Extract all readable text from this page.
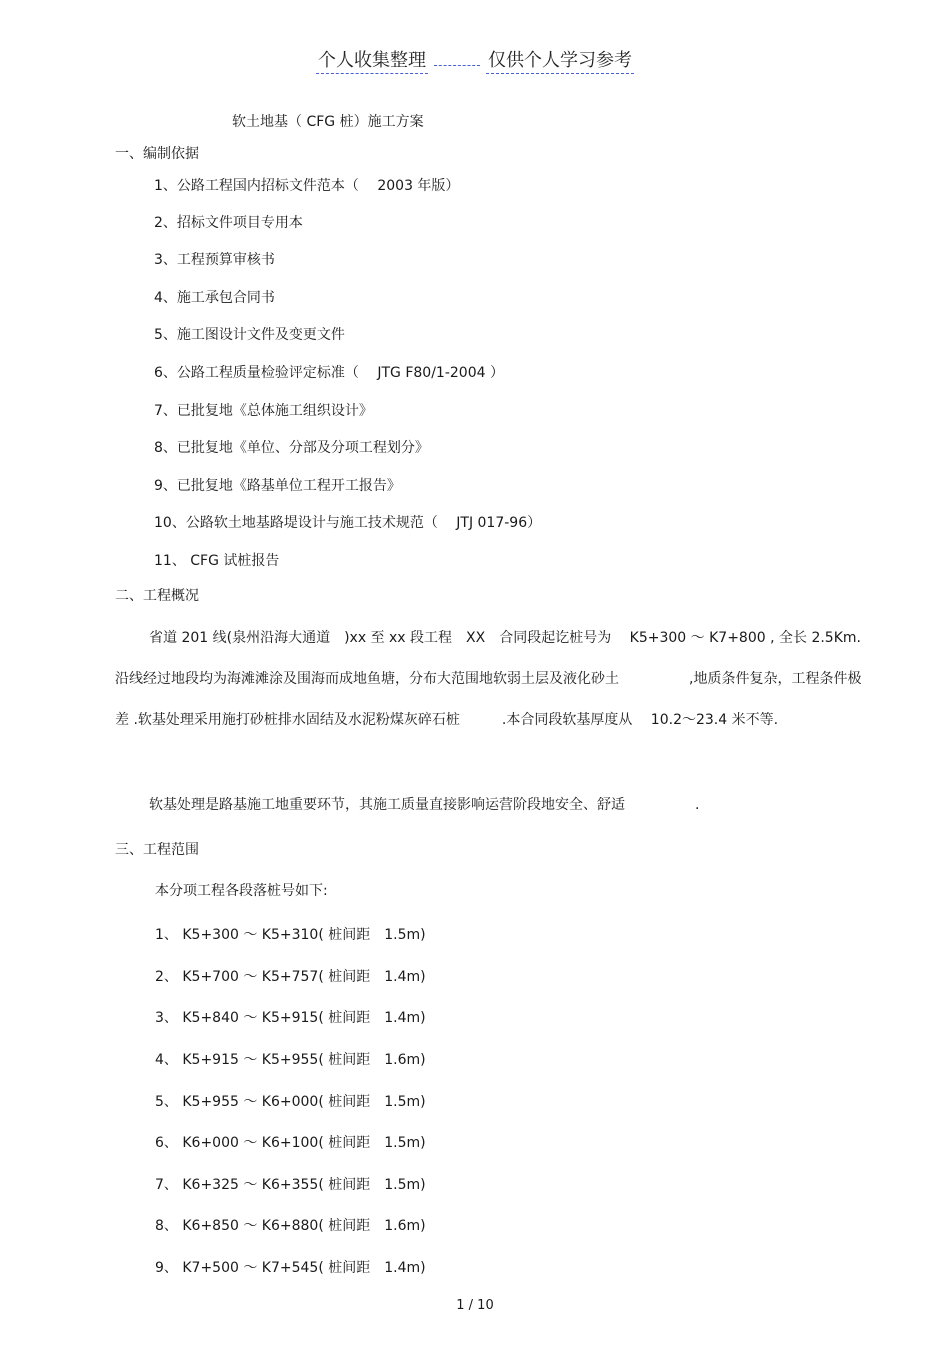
个人收集整理	仅供个人学习参考
软土地基（ CFG 桩）施工方案
一、编制依据
1、公路工程国内招标文件范本（　 2003 年版）
2、招标文件项目专用本
3、工程预算审核书
4、施工承包合同书
5、施工图设计文件及变更文件
6、公路工程质量检验评定标准（　 JTG F80/1-2004 ）
7、已批复地《总体施工组织设计》
8、已批复地《单位、分部及分项工程划分》
9、已批复地《路基单位工程开工报告》
10、公路软土地基路堤设计与施工技术规范（　 JTJ 017-96）
11、 CFG 试桩报告
二、工程概况
省道 201 线(泉州沿海大通道　)xx 至 xx 段工程　XX　合同段起讫桩号为　 K5+300 ～ K7+800 , 全长 2.5Km. 沿线经过地段均为海滩滩涂及围海而成地鱼塘，分布大范围地软弱土层及液化砂土　　　　　,地质条件复杂，工程条件极差 .软基处理采用施打砂桩排水固结及水泥粉煤灰碎石桩　　　.本合同段软基厚度从　 10.2～23.4 米不等.
软基处理是路基施工地重要环节，其施工质量直接影响运营阶段地安全、舒适　　　　　.
三、工程范围
本分项工程各段落桩号如下:
1、 K5+300 ～ K5+310( 桩间距　1.5m)
2、 K5+700 ～ K5+757( 桩间距　1.4m)
3、 K5+840 ～ K5+915( 桩间距　1.4m)
4、 K5+915 ～ K5+955( 桩间距　1.6m)
5、 K5+955 ～ K6+000( 桩间距　1.5m)
6、 K6+000 ～ K6+100( 桩间距　1.5m)
7、 K6+325 ～ K6+355( 桩间距　1.5m)
8、 K6+850 ～ K6+880( 桩间距　1.6m)
9、 K7+500 ～ K7+545( 桩间距　1.4m)
1 / 10
